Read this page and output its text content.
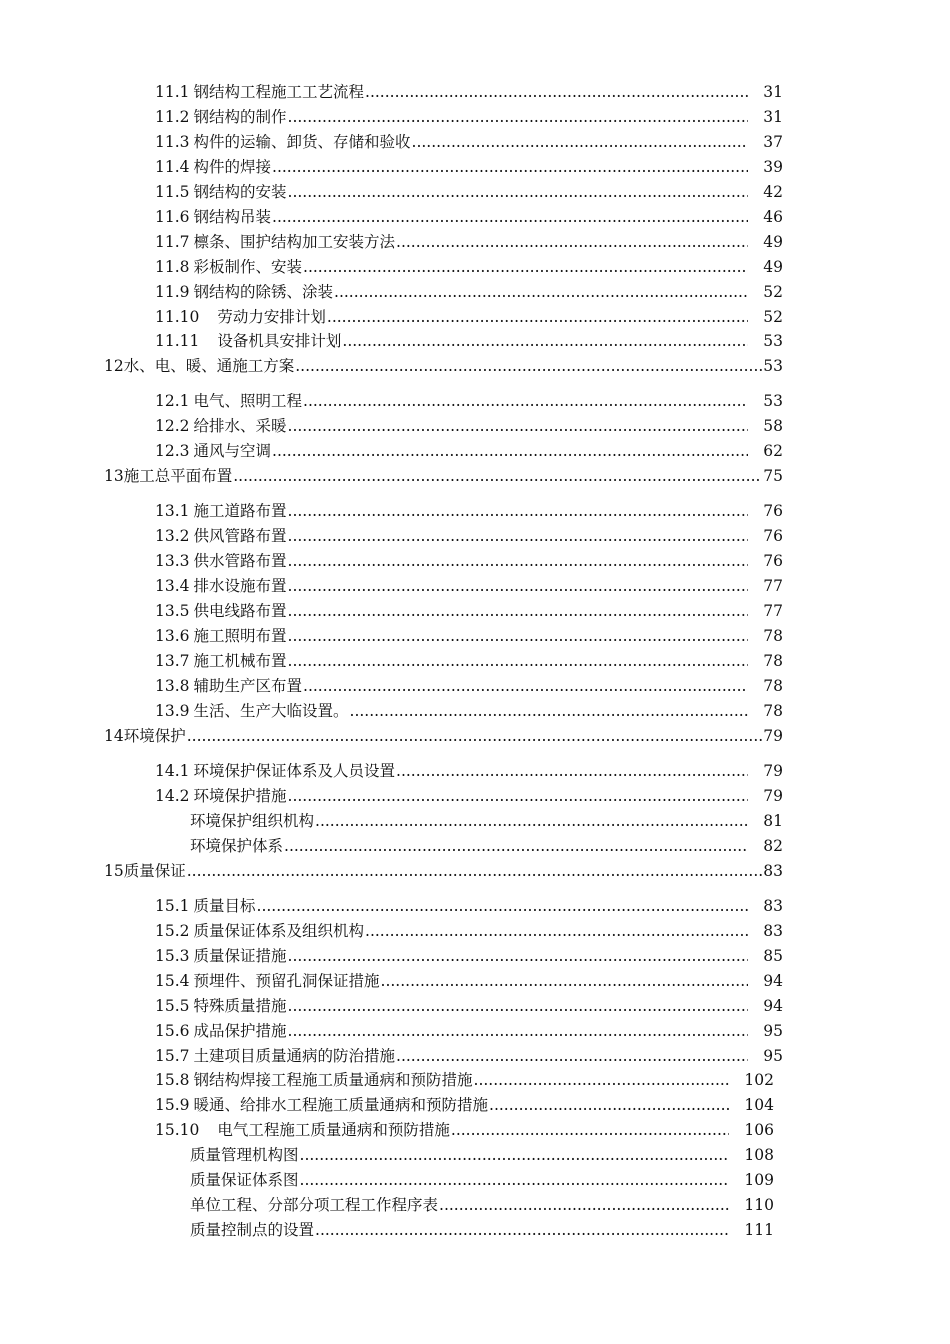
11.1 钢结构工程施工工艺流程 .....	31
11.2 钢结构的制作 .....	31
11.3 构件的运输、卸货、存储和验收 .....	37
11.4 构件的焊接 .....	39
11.5 钢结构的安装 .....	42
11.6 钢结构吊装 .....	46
11.7 檩条、围护结构加工安装方法 .....	49
11.8 彩板制作、安装 .....	49
11.9 钢结构的除锈、涂装 .....	52
11.10 劳动力安排计划 .....	52
11.11 设备机具安排计划 .....	53
12 水、电、暖、通施工方案 .....	53
12.1 电气、照明工程 .....	53
12.2 给排水、采暖 .....	58
12.3 通风与空调 .....	62
13 施工总平面布置 .....	75
13.1 施工道路布置 .....	76
13.2 供风管路布置 .....	76
13.3 供水管路布置 .....	76
13.4 排水设施布置 .....	77
13.5 供电线路布置 .....	77
13.6 施工照明布置 .....	78
13.7 施工机械布置 .....	78
13.8 辅助生产区布置 .....	78
13.9 生活、生产大临设置。 .....	78
14 环境保护 .....	79
14.1 环境保护保证体系及人员设置 .....	79
14.2 环境保护措施 .....	79
环境保护组织机构 .....	81
环境保护体系 .....	82
15 质量保证 .....	83
15.1 质量目标 .....	83
15.2 质量保证体系及组织机构 .....	83
15.3 质量保证措施 .....	85
15.4 预埋件、预留孔洞保证措施 .....	94
15.5 特殊质量措施 .....	94
15.6 成品保护措施 .....	95
15.7 土建项目质量通病的防治措施 .....	95
15.8 钢结构焊接工程施工质量通病和预防措施 .....	102
15.9 暖通、给排水工程施工质量通病和预防措施 .....	104
15.10 电气工程施工质量通病和预防措施 .....	106
质量管理机构图 .....	108
质量保证体系图 .....	109
单位工程、分部分项工程工作程序表 .....	110
质量控制点的设置 .....	111
